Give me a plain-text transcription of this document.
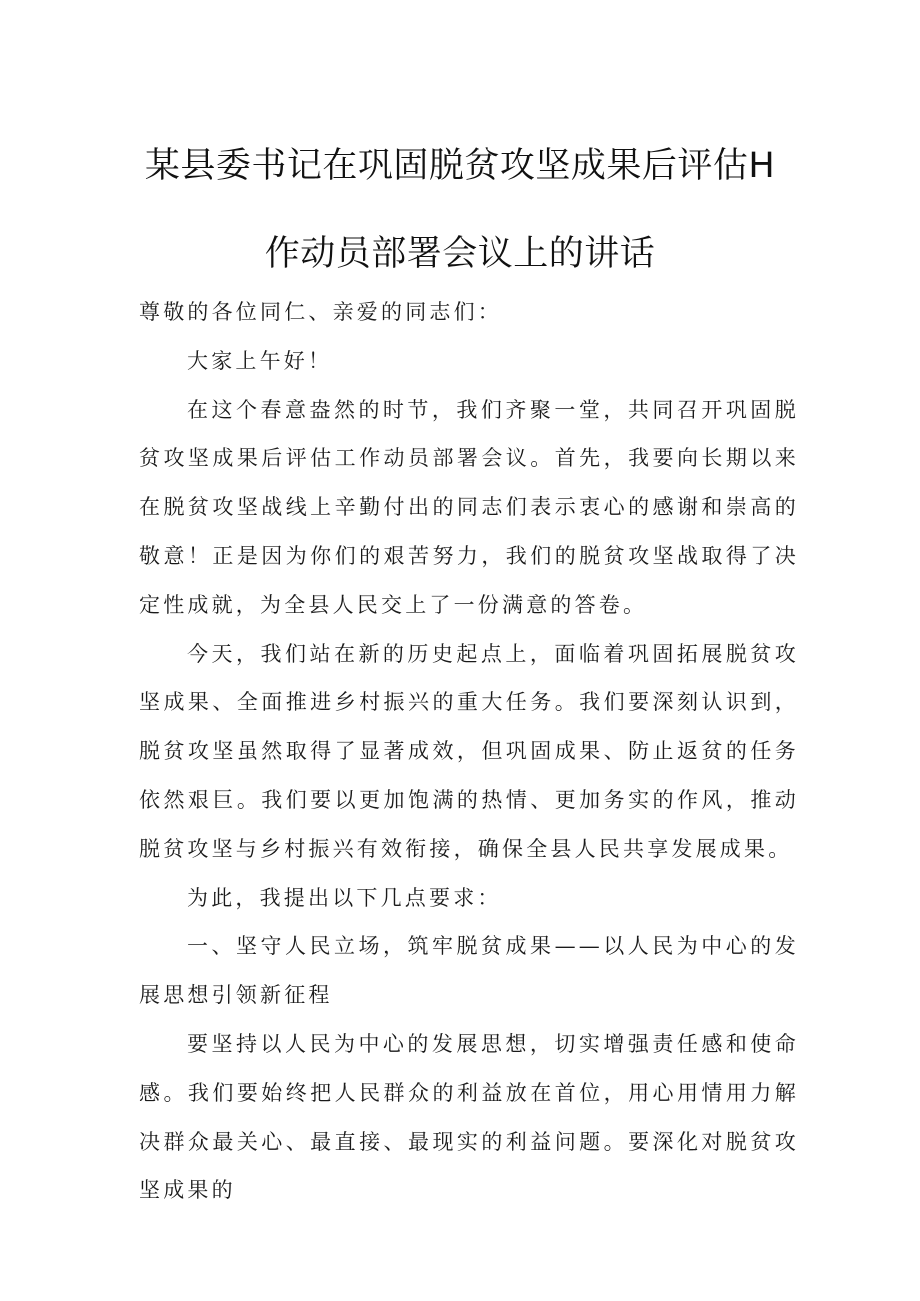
某县委书记在巩固脱贫攻坚成果后评估H
作动员部署会议上的讲话

尊敬的各位同仁、亲爱的同志们：

大家上午好！

在这个春意盎然的时节，我们齐聚一堂，共同召开巩固脱贫攻坚成果后评估工作动员部署会议。首先，我要向长期以来在脱贫攻坚战线上辛勤付出的同志们表示衷心的感谢和崇高的敬意！正是因为你们的艰苦努力，我们的脱贫攻坚战取得了决定性成就，为全县人民交上了一份满意的答卷。

今天，我们站在新的历史起点上，面临着巩固拓展脱贫攻坚成果、全面推进乡村振兴的重大任务。我们要深刻认识到，脱贫攻坚虽然取得了显著成效，但巩固成果、防止返贫的任务依然艰巨。我们要以更加饱满的热情、更加务实的作风，推动脱贫攻坚与乡村振兴有效衔接，确保全县人民共享发展成果。

为此，我提出以下几点要求：

一、坚守人民立场，筑牢脱贫成果——以人民为中心的发展思想引领新征程

要坚持以人民为中心的发展思想，切实增强责任感和使命感。我们要始终把人民群众的利益放在首位，用心用情用力解决群众最关心、最直接、最现实的利益问题。要深化对脱贫攻坚成果的
